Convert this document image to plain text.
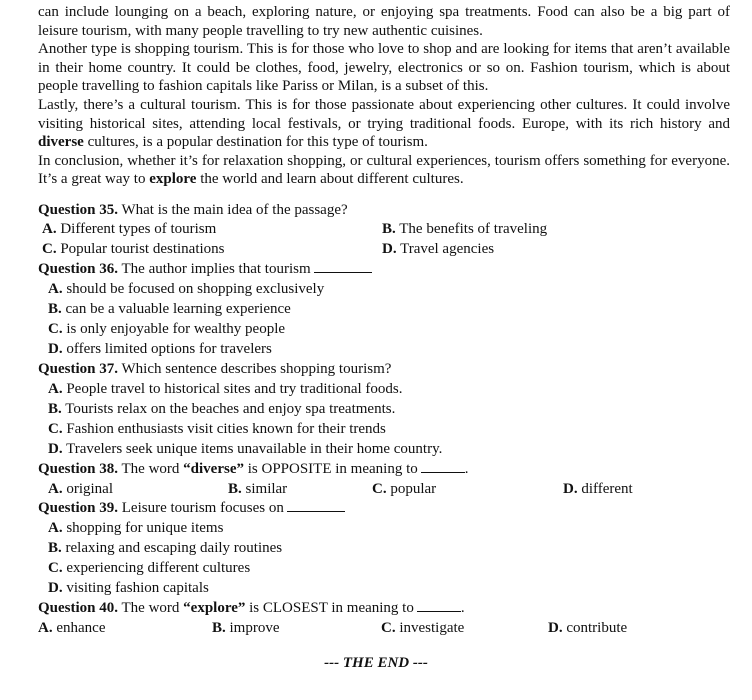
can include lounging on a beach, exploring nature, or enjoying spa treatments. Food can also be a big part of leisure tourism, with many people travelling to try new authentic cuisines.

Another type is shopping tourism. This is for those who love to shop and are looking for items that aren’t available in their home country. It could be clothes, food, jewelry, electronics or so on. Fashion tourism, which is about people travelling to fashion capitals like Pariss or Milan, is a subset of this.

Lastly, there’s a cultural tourism. This is for those passionate about experiencing other cultures. It could involve visiting historical sites, attending local festivals, or trying traditional foods. Europe, with its rich history and diverse cultures, is a popular destination for this type of tourism.

In conclusion, whether it’s for relaxation shopping, or cultural experiences, tourism offers something for everyone. It’s a great way to explore the world and learn about different cultures.

Question 35. What is the main idea of the passage?
A. Different types of tourism	B. The benefits of traveling
C. Popular tourist destinations	D. Travel agencies
Question 36. The author implies that tourism
A. should be focused on shopping exclusively
B. can be a valuable learning experience
C. is only enjoyable for wealthy people
D. offers limited options for travelers
Question 37. Which sentence describes shopping tourism?
A. People travel to historical sites and try traditional foods.
B. Tourists relax on the beaches and enjoy spa treatments.
C. Fashion enthusiasts visit cities known for their trends
D. Travelers seek unique items unavailable in their home country.
Question 38. The word “diverse” is OPPOSITE in meaning to	.
A. original	B. similar	C. popular	D. different
Question 39. Leisure tourism focuses on
A. shopping for unique items
B. relaxing and escaping daily routines
C. experiencing different cultures
D. visiting fashion capitals
Question 40. The word “explore” is CLOSEST in meaning to	.
A. enhance	B. improve	C. investigate	D. contribute
--- THE END ---
